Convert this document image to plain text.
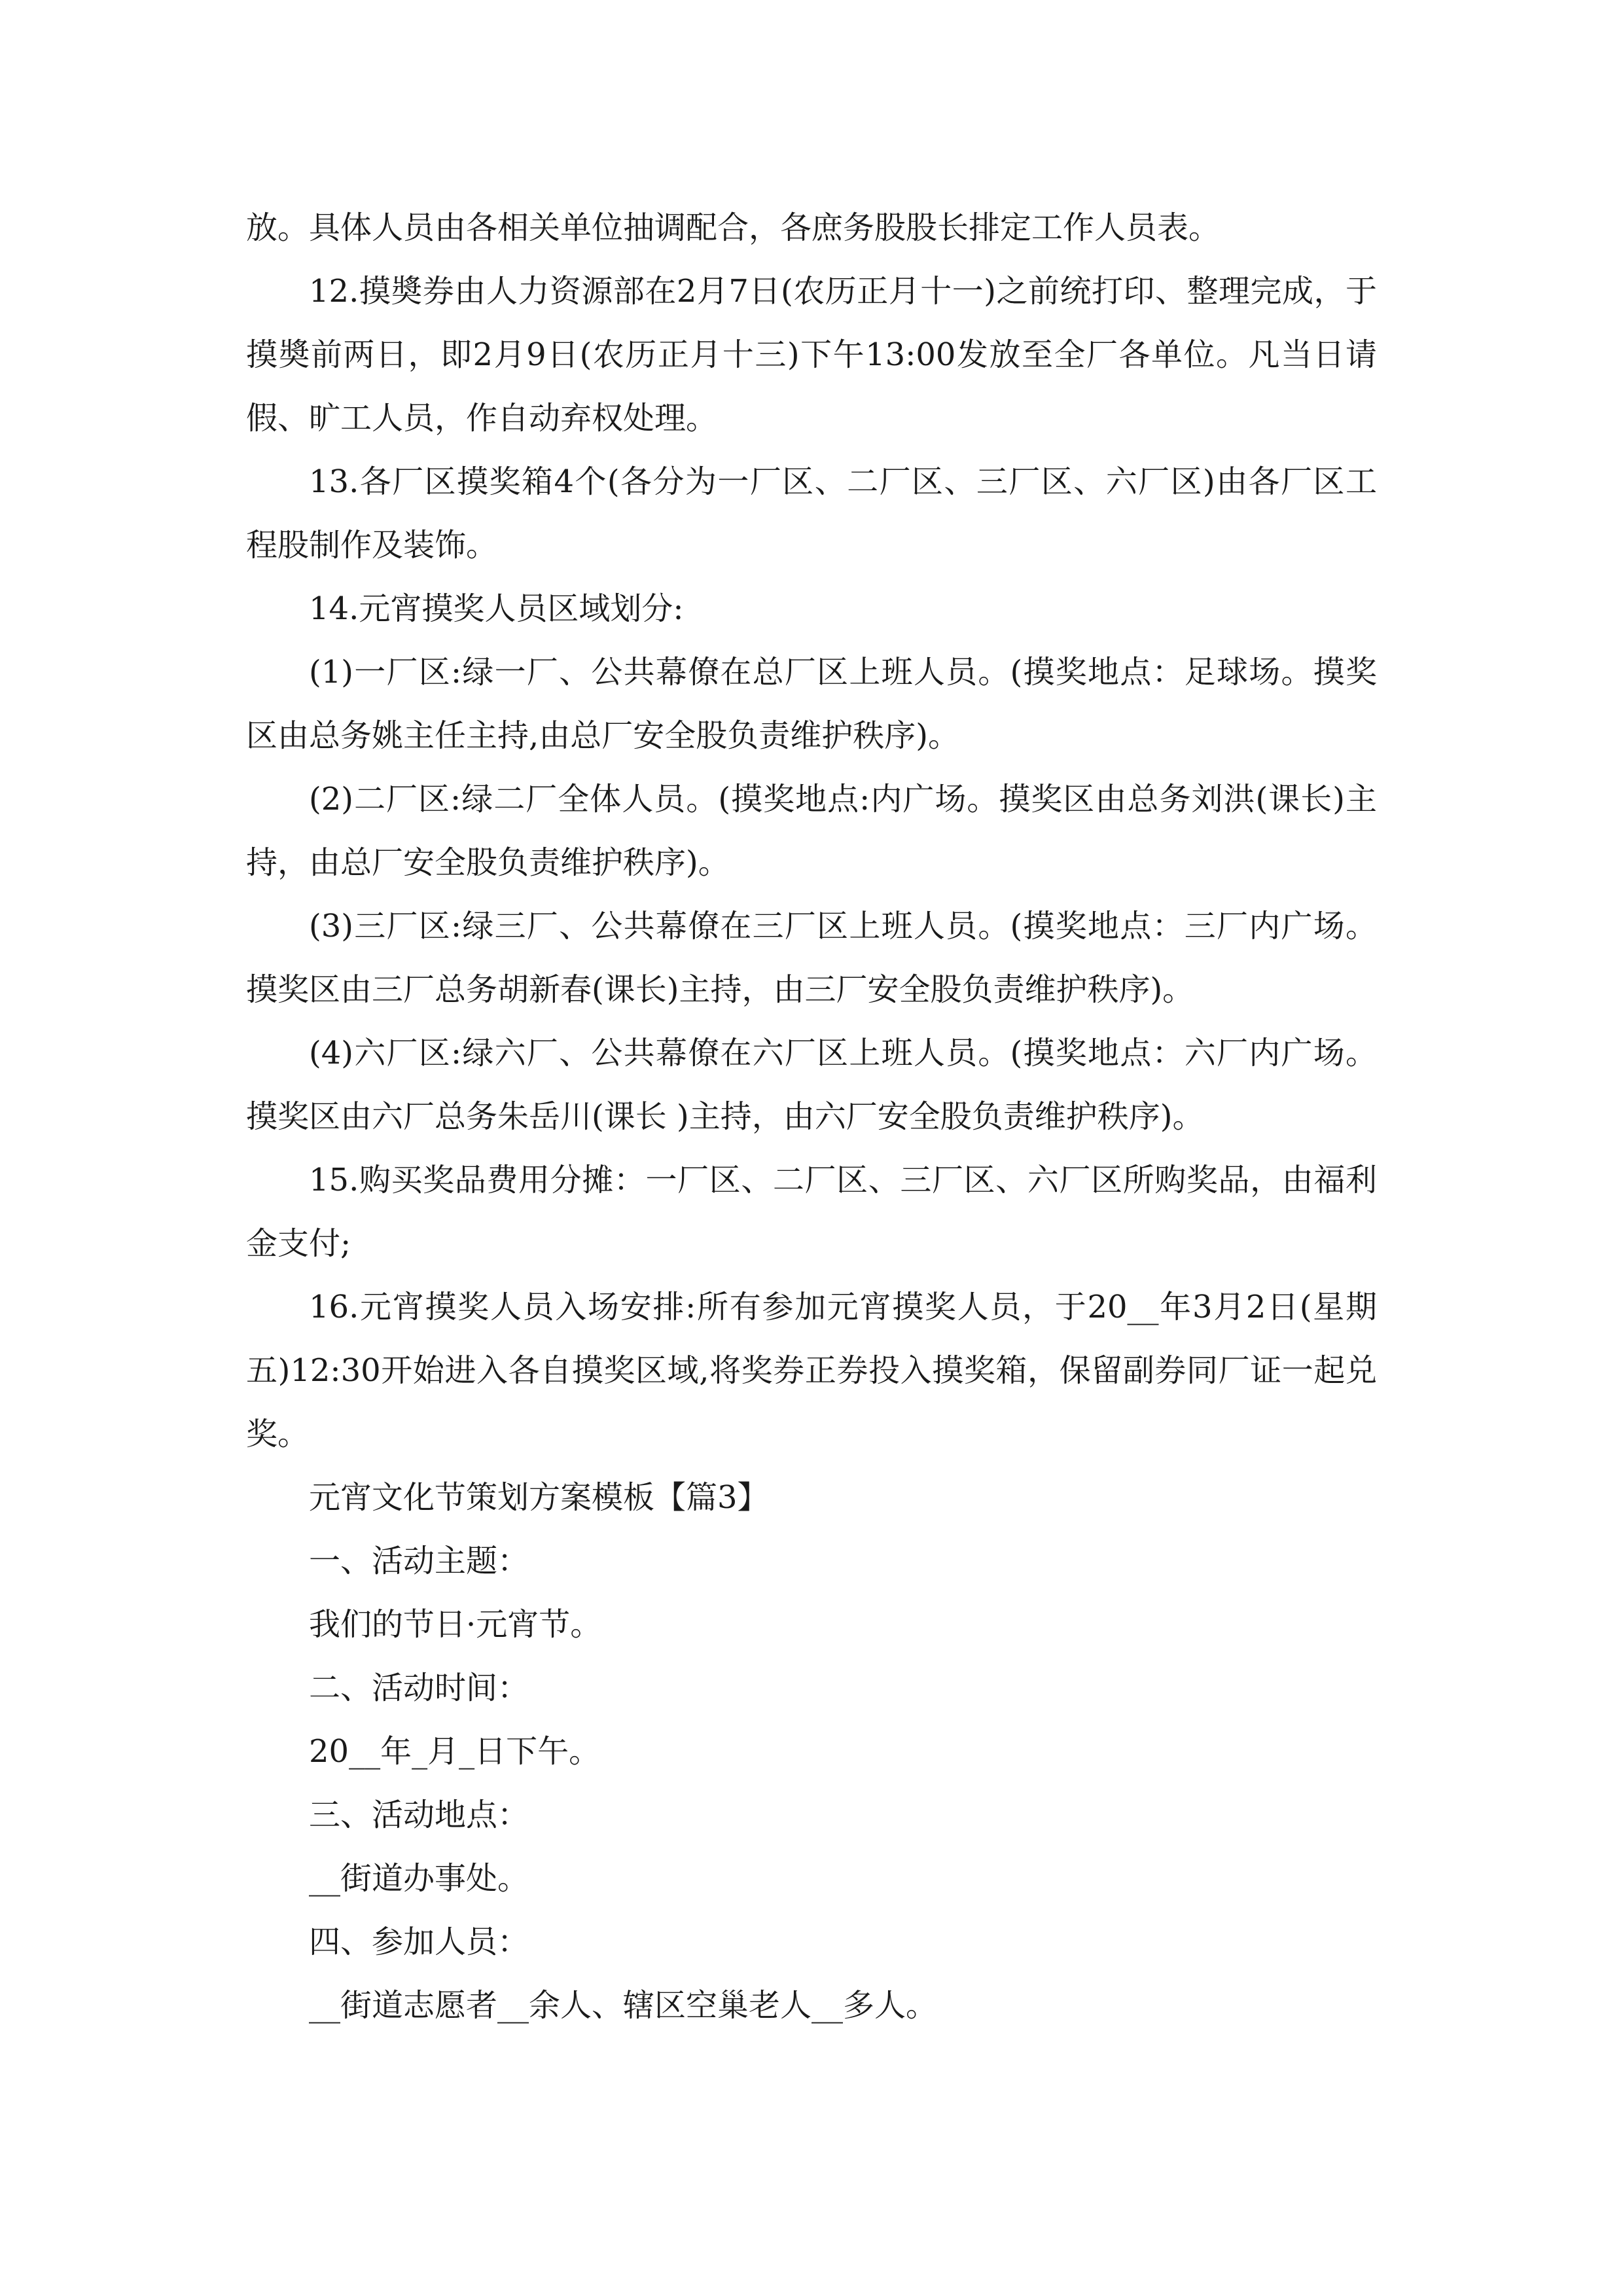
放。具体人员由各相关单位抽调配合，各庶务股股长排定工作人员表。

12.摸奬券由人力资源部在2月7日(农历正月十一)之前统打印、整理完成，于摸奬前两日，即2月9日(农历正月十三)下午13:00发放至全厂各单位。凡当日请假、旷工人员，作自动弃权处理。

13.各厂区摸奖箱4个(各分为一厂区、二厂区、三厂区、六厂区)由各厂区工程股制作及装饰。

14.元宵摸奖人员区域划分:

(1)一厂区:绿一厂、公共幕僚在总厂区上班人员。(摸奖地点：足球场。摸奖区由总务姚主任主持,由总厂安全股负责维护秩序)。

(2)二厂区:绿二厂全体人员。(摸奖地点:内广场。摸奖区由总务刘洪(课长)主持，由总厂安全股负责维护秩序)。

(3)三厂区:绿三厂、公共幕僚在三厂区上班人员。(摸奖地点：三厂内广场。摸奖区由三厂总务胡新春(课长)主持，由三厂安全股负责维护秩序)。

(4)六厂区:绿六厂、公共幕僚在六厂区上班人员。(摸奖地点：六厂内广场。摸奖区由六厂总务朱岳川(课长 )主持，由六厂安全股负责维护秩序)。

15.购买奖品费用分摊：一厂区、二厂区、三厂区、六厂区所购奖品，由福利金支付;

16.元宵摸奖人员入场安排:所有参加元宵摸奖人员，于20__年3月2日(星期五)12:30开始进入各自摸奖区域,将奖券正券投入摸奖箱，保留副券同厂证一起兑奖。

元宵文化节策划方案模板【篇3】

一、活动主题：

我们的节日·元宵节。

二、活动时间：

20__年_月_日下午。

三、活动地点：

__街道办事处。

四、参加人员：

__街道志愿者__余人、辖区空巢老人__多人。
